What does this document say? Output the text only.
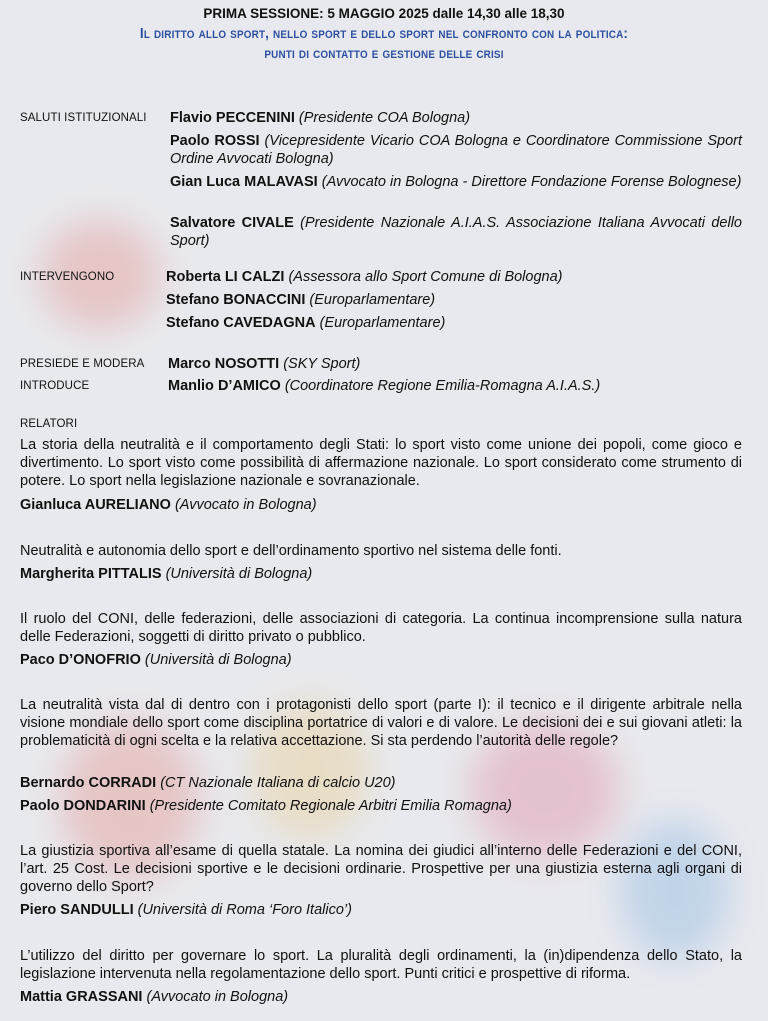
PRIMA SESSIONE: 5 MAGGIO 2025 dalle 14,30 alle 18,30
Il diritto allo sport, nello sport e dello sport nel confronto con la politica:
punti di contatto e gestione delle crisi
SALUTI ISTITUZIONALI Flavio PECCENINI (Presidente COA Bologna)
Paolo ROSSI (Vicepresidente Vicario COA Bologna e Coordinatore Commissione Sport Ordine Avvocati Bologna)
Gian Luca MALAVASI (Avvocato in Bologna - Direttore Fondazione Forense Bolognese)
Salvatore CIVALE (Presidente Nazionale A.I.A.S. Associazione Italiana Avvocati dello Sport)
INTERVENGONO	Roberta LI CALZI (Assessora allo Sport Comune di Bologna)
Stefano BONACCINI (Europarlamentare)
Stefano CAVEDAGNA (Europarlamentare)
PRESIEDE E MODERA Marco NOSOTTI (SKY Sport)
INTRODUCE	Manlio D’AMICO (Coordinatore Regione Emilia-Romagna A.I.A.S.)
RELATORI
La storia della neutralità e il comportamento degli Stati: lo sport visto come unione dei popoli, come gioco e divertimento. Lo sport visto come possibilità di affermazione nazionale. Lo sport considerato come strumento di potere. Lo sport nella legislazione nazionale e sovranazionale.
Gianluca AURELIANO (Avvocato in Bologna)
Neutralità e autonomia dello sport e dell’ordinamento sportivo nel sistema delle fonti.
Margherita PITTALIS (Università di Bologna)
Il ruolo del CONI, delle federazioni, delle associazioni di categoria. La continua incomprensione sulla natura delle Federazioni, soggetti di diritto privato o pubblico.
Paco D’ONOFRIO (Università di Bologna)
La neutralità vista dal di dentro con i protagonisti dello sport (parte I): il tecnico e il dirigente arbitrale nella visione mondiale dello sport come disciplina portatrice di valori e di valore. Le decisioni dei e sui giovani atleti: la problematicità di ogni scelta e la relativa accettazione. Si sta perdendo l’autorità delle regole?
Bernardo CORRADI (CT Nazionale Italiana di calcio U20)
Paolo DONDARINI (Presidente Comitato Regionale Arbitri Emilia Romagna)
La giustizia sportiva all’esame di quella statale. La nomina dei giudici all’interno delle Federazioni e del CONI, l’art. 25 Cost. Le decisioni sportive e le decisioni ordinarie. Prospettive per una giustizia esterna agli organi di governo dello Sport?
Piero SANDULLI (Università di Roma ‘Foro Italico’)
L’utilizzo del diritto per governare lo sport. La pluralità degli ordinamenti, la (in)dipendenza dello Stato, la legislazione intervenuta nella regolamentazione dello sport. Punti critici e prospettive di riforma.
Mattia GRASSANI (Avvocato in Bologna)
